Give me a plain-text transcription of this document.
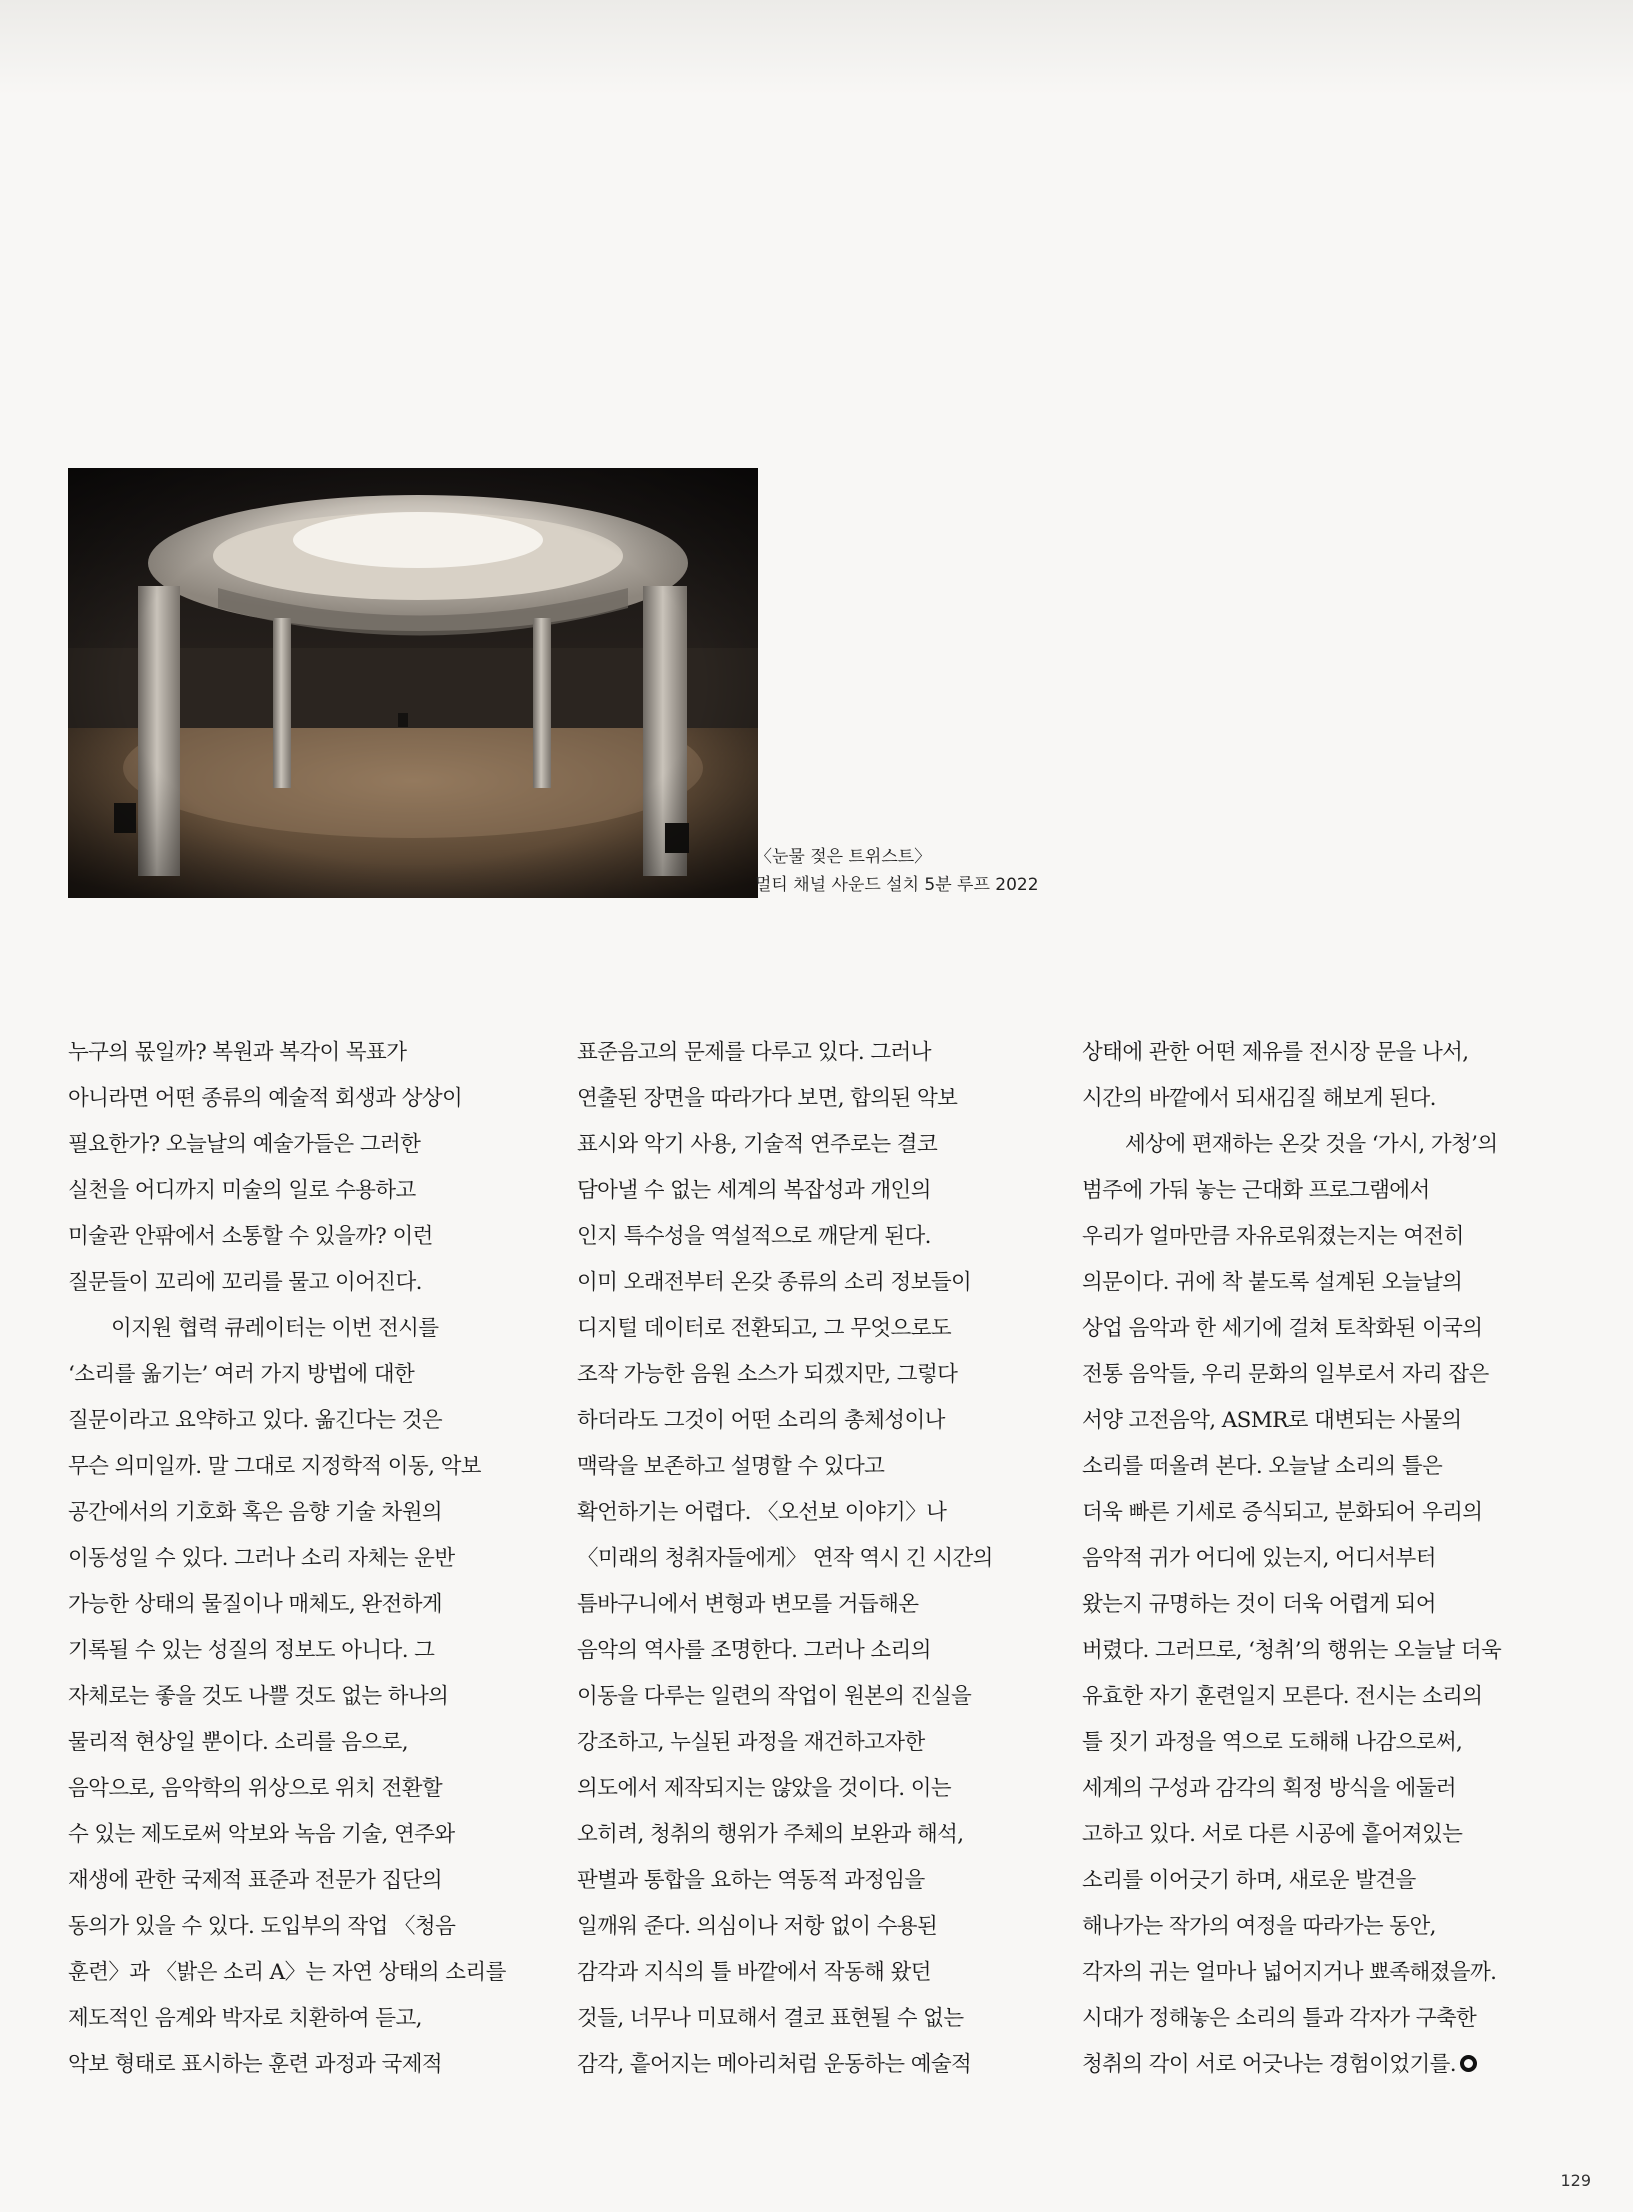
〈눈물 젖은 트위스트〉
멀티 채널 사운드 설치 5분 루프 2022
누구의 몫일까? 복원과 복각이 목표가
아니라면 어떤 종류의 예술적 회생과 상상이
필요한가? 오늘날의 예술가들은 그러한
실천을 어디까지 미술의 일로 수용하고
미술관 안팎에서 소통할 수 있을까? 이런
질문들이 꼬리에 꼬리를 물고 이어진다.
이지원 협력 큐레이터는 이번 전시를
‘소리를 옮기는’ 여러 가지 방법에 대한
질문이라고 요약하고 있다. 옮긴다는 것은
무슨 의미일까. 말 그대로 지정학적 이동, 악보
공간에서의 기호화 혹은 음향 기술 차원의
이동성일 수 있다. 그러나 소리 자체는 운반
가능한 상태의 물질이나 매체도, 완전하게
기록될 수 있는 성질의 정보도 아니다. 그
자체로는 좋을 것도 나쁠 것도 없는 하나의
물리적 현상일 뿐이다. 소리를 음으로,
음악으로, 음악학의 위상으로 위치 전환할
수 있는 제도로써 악보와 녹음 기술, 연주와
재생에 관한 국제적 표준과 전문가 집단의
동의가 있을 수 있다. 도입부의 작업 〈청음
훈련〉과 〈밝은 소리 A〉는 자연 상태의 소리를
제도적인 음계와 박자로 치환하여 듣고,
악보 형태로 표시하는 훈련 과정과 국제적
표준음고의 문제를 다루고 있다. 그러나
연출된 장면을 따라가다 보면, 합의된 악보
표시와 악기 사용, 기술적 연주로는 결코
담아낼 수 없는 세계의 복잡성과 개인의
인지 특수성을 역설적으로 깨닫게 된다.
이미 오래전부터 온갖 종류의 소리 정보들이
디지털 데이터로 전환되고, 그 무엇으로도
조작 가능한 음원 소스가 되겠지만, 그렇다
하더라도 그것이 어떤 소리의 총체성이나
맥락을 보존하고 설명할 수 있다고
확언하기는 어렵다. 〈오선보 이야기〉나
〈미래의 청취자들에게〉 연작 역시 긴 시간의
틈바구니에서 변형과 변모를 거듭해온
음악의 역사를 조명한다. 그러나 소리의
이동을 다루는 일련의 작업이 원본의 진실을
강조하고, 누실된 과정을 재건하고자한
의도에서 제작되지는 않았을 것이다. 이는
오히려, 청취의 행위가 주체의 보완과 해석,
판별과 통합을 요하는 역동적 과정임을
일깨워 준다. 의심이나 저항 없이 수용된
감각과 지식의 틀 바깥에서 작동해 왔던
것들, 너무나 미묘해서 결코 표현될 수 없는
감각, 흩어지는 메아리처럼 운동하는 예술적
상태에 관한 어떤 제유를 전시장 문을 나서,
시간의 바깥에서 되새김질 해보게 된다.
세상에 편재하는 온갖 것을 ‘가시, 가청’의
범주에 가둬 놓는 근대화 프로그램에서
우리가 얼마만큼 자유로워졌는지는 여전히
의문이다. 귀에 착 붙도록 설계된 오늘날의
상업 음악과 한 세기에 걸쳐 토착화된 이국의
전통 음악들, 우리 문화의 일부로서 자리 잡은
서양 고전음악, ASMR로 대변되는 사물의
소리를 떠올려 본다. 오늘날 소리의 틀은
더욱 빠른 기세로 증식되고, 분화되어 우리의
음악적 귀가 어디에 있는지, 어디서부터
왔는지 규명하는 것이 더욱 어렵게 되어
버렸다. 그러므로, ‘청취’의 행위는 오늘날 더욱
유효한 자기 훈련일지 모른다. 전시는 소리의
틀 짓기 과정을 역으로 도해해 나감으로써,
세계의 구성과 감각의 획정 방식을 에둘러
고하고 있다. 서로 다른 시공에 흩어져있는
소리를 이어긋기 하며, 새로운 발견을
해나가는 작가의 여정을 따라가는 동안,
각자의 귀는 얼마나 넓어지거나 뾰족해졌을까.
시대가 정해놓은 소리의 틀과 각자가 구축한
청취의 각이 서로 어긋나는 경험이었기를.
129
